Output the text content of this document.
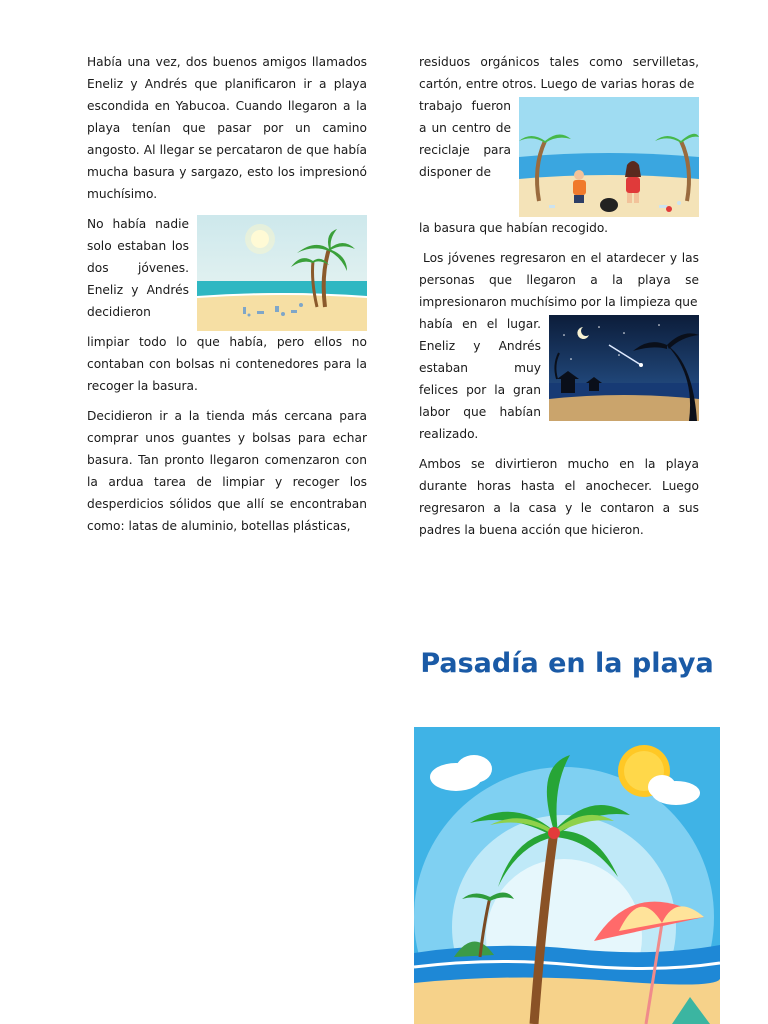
Había una vez, dos buenos amigos llamados Eneliz y Andrés que planificaron ir a playa escondida en Yabucoa. Cuando llegaron a la playa tenían que pasar por un camino angosto. Al llegar se percataron de que había mucha basura y sargazo, esto los impresionó muchísimo.

No había nadie solo estaban los dos jóvenes. Eneliz y Andrés decidieron

limpiar todo lo que había, pero ellos no contaban con bolsas ni contenedores para la recoger la basura.

Decidieron ir a la tienda más cercana para comprar unos guantes y bolsas para echar basura. Tan pronto llegaron comenzaron con la ardua tarea de limpiar y recoger los desperdicios sólidos que allí se encontraban como: latas de aluminio, botellas plásticas,

residuos orgánicos tales como servilletas, cartón, entre otros. Luego de varias horas de
trabajo fueron a un centro de reciclaje para disponer de

la basura que habían recogido.

Los jóvenes regresaron en el atardecer y las personas que llegaron a la playa se impresionaron muchísimo por la limpieza que
había en el lugar. Eneliz y Andrés estaban muy felices por la gran labor que habían realizado.

Ambos se divirtieron mucho en la playa durante horas hasta el anochecer. Luego regresaron a la casa y le contaron a sus padres la buena acción que hicieron.

Pasadía en la playa
